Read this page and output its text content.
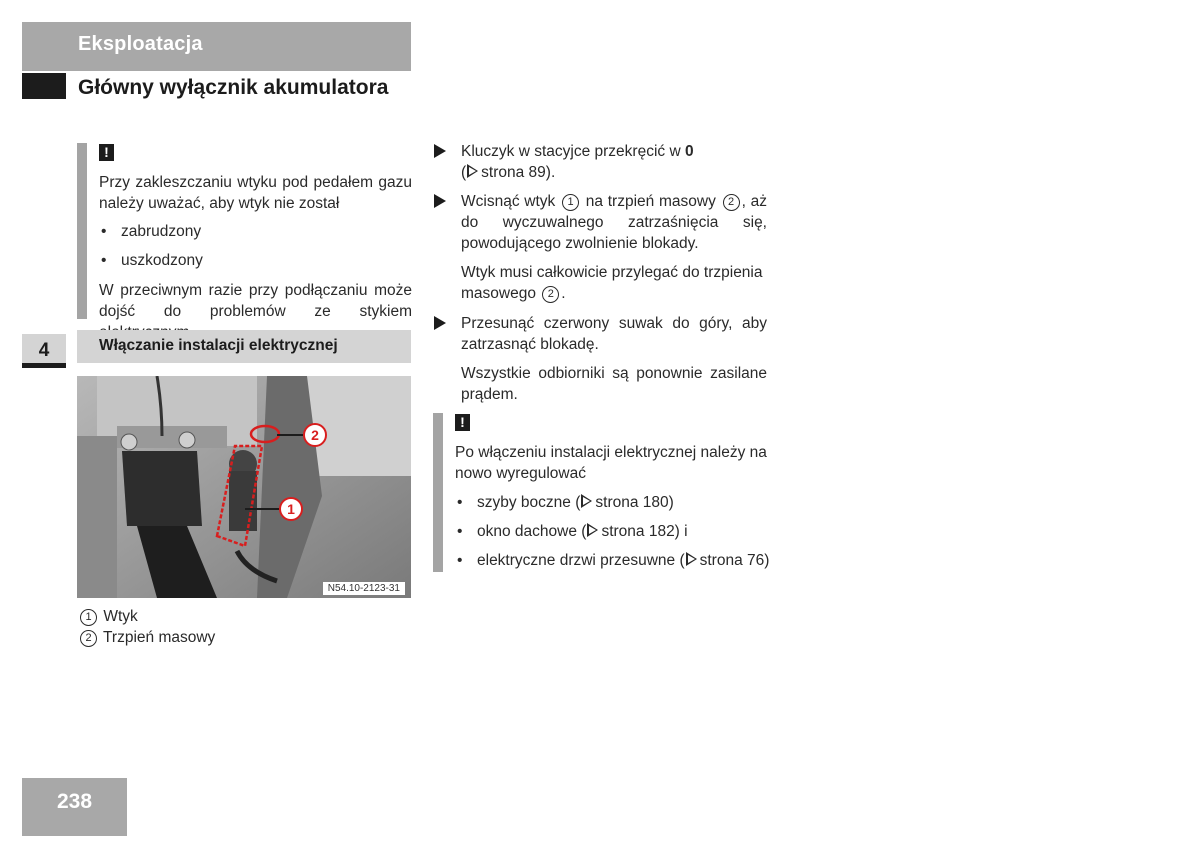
Eksploatacja
Główny wyłącznik akumulatora
4
!
Przy zakleszczaniu wtyku pod pedałem gazu należy uważać, aby wtyk nie został
• zabrudzony
• uszkodzony
W przeciwnym razie przy podłączaniu może dojść do problemów ze stykiem
Włączanie instalacji elektrycznej
2
1
N54.10-2123-31
1 Wtyk
2 Trzpień masowy
Kluczyk w stacyjce przekręcić w 0
( strona 89).
Wcisnąć wtyk 1 na trzpień masowy 2 , aż do wyczuwalnego zatrzaśnięcia się, powodującego zwolnienie blokady.
Wtyk musi całkowicie przylegać do trzpienia masowego 2 .
Przesunąć czerwony suwak do góry, aby zatrzasnąć blokadę.
Wszystkie odbiorniki są ponownie zasilane prądem.
!
Po włączeniu instalacji elektrycznej należy na nowo wyregulować
• szyby boczne ( strona 180)
• okno dachowe ( strona 182) i
• elektryczne drzwi przesuwne ( strona 76)
238
